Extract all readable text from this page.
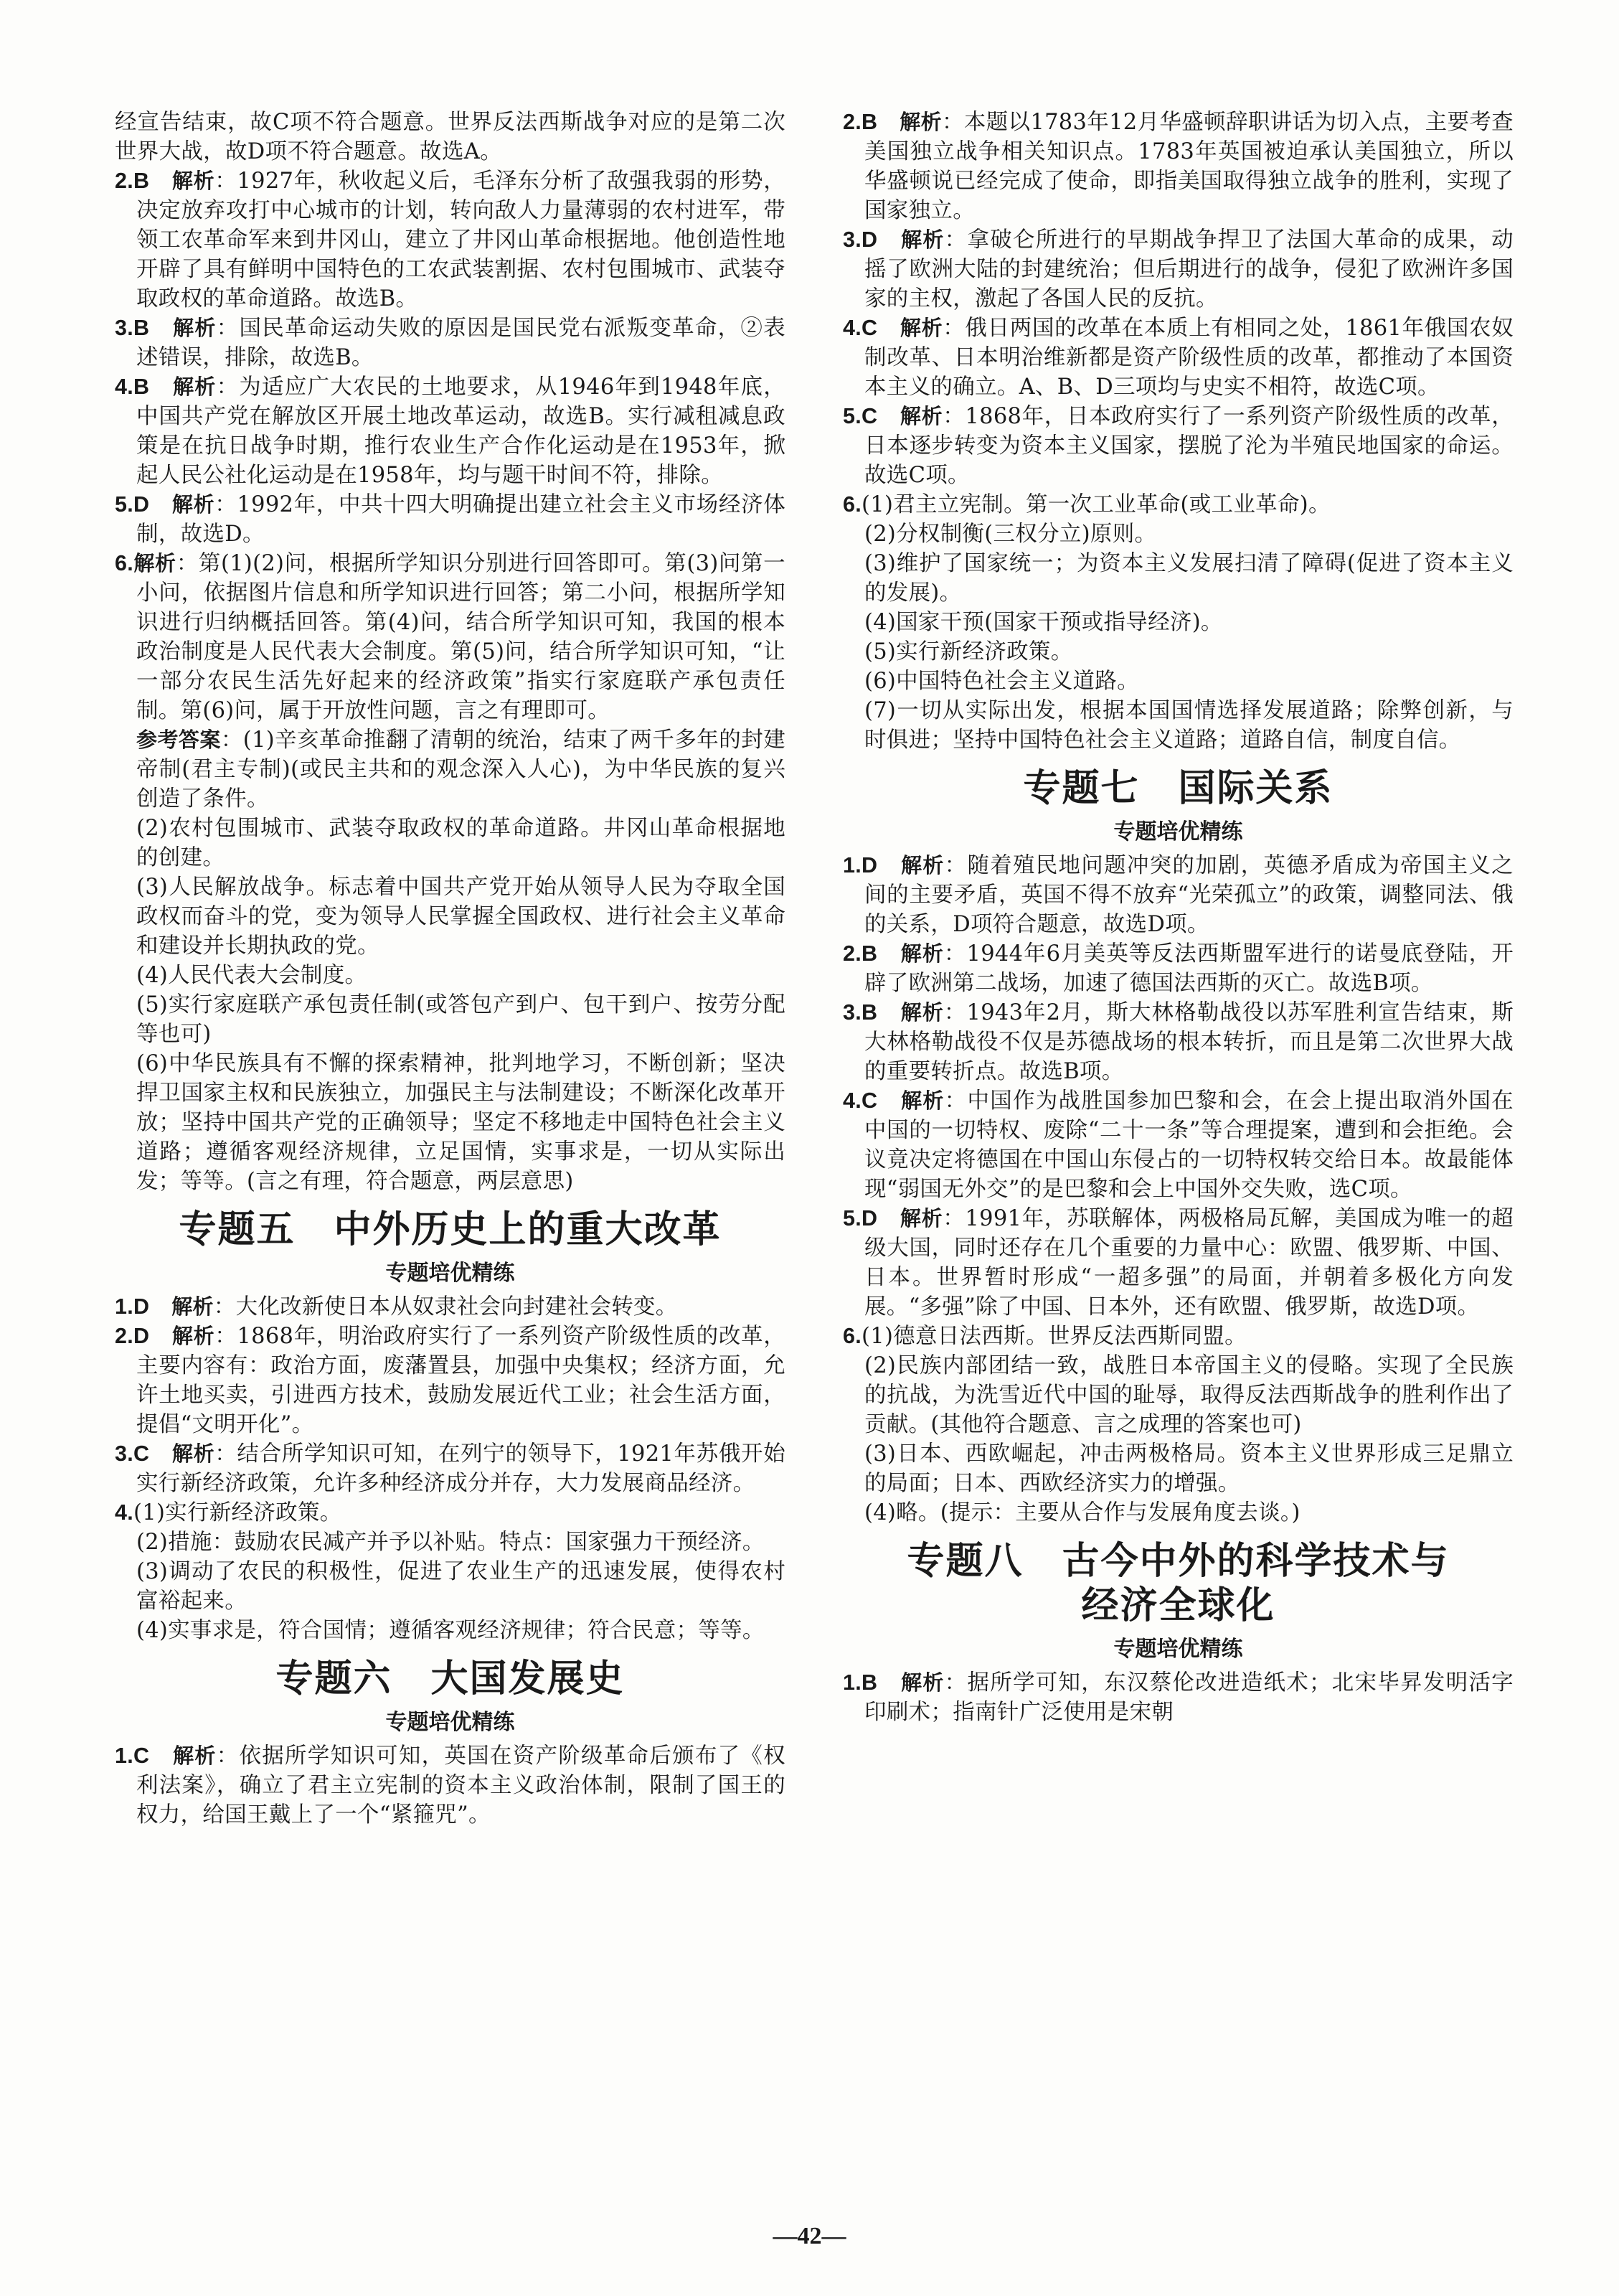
经宣告结束，故C项不符合题意。世界反法西斯战争对应的是第二次世界大战，故D项不符合题意。故选A。

2.B　 解析：1927年，秋收起义后，毛泽东分析了敌强我弱的形势，决定放弃攻打中心城市的计划，转向敌人力量薄弱的农村进军，带领工农革命军来到井冈山，建立了井冈山革命根据地。他创造性地开辟了具有鲜明中国特色的工农武装割据、农村包围城市、武装夺取政权的革命道路。故选B。

3.B　 解析：国民革命运动失败的原因是国民党右派叛变革命，②表述错误，排除，故选B。

4.B　 解析：为适应广大农民的土地要求，从1946年到1948年底，中国共产党在解放区开展土地改革运动，故选B。实行减租减息政策是在抗日战争时期，推行农业生产合作化运动是在1953年，掀起人民公社化运动是在1958年，均与题干时间不符，排除。

5.D　 解析：1992年，中共十四大明确提出建立社会主义市场经济体制，故选D。

6.解析：第(1)(2)问，根据所学知识分别进行回答即可。第(3)问第一小问，依据图片信息和所学知识进行回答；第二小问，根据所学知识进行归纳概括回答。第(4)问，结合所学知识可知，我国的根本政治制度是人民代表大会制度。第(5)问，结合所学知识可知，“让一部分农民生活先好起来的经济政策”指实行家庭联产承包责任制。第(6)问，属于开放性问题，言之有理即可。

参考答案：(1)辛亥革命推翻了清朝的统治，结束了两千多年的封建帝制(君主专制)(或民主共和的观念深入人心)，为中华民族的复兴创造了条件。

(2)农村包围城市、武装夺取政权的革命道路。井冈山革命根据地的创建。

(3)人民解放战争。标志着中国共产党开始从领导人民为夺取全国政权而奋斗的党，变为领导人民掌握全国政权、进行社会主义革命和建设并长期执政的党。

(4)人民代表大会制度。

(5)实行家庭联产承包责任制(或答包产到户、包干到户、按劳分配等也可)

(6)中华民族具有不懈的探索精神，批判地学习，不断创新；坚决捍卫国家主权和民族独立，加强民主与法制建设；不断深化改革开放；坚持中国共产党的正确领导；坚定不移地走中国特色社会主义道路；遵循客观经济规律，立足国情，实事求是，一切从实际出发；等等。(言之有理，符合题意，两层意思)

专题五　中外历史上的重大改革
专题培优精练

1.D　 解析：大化改新使日本从奴隶社会向封建社会转变。

2.D　 解析：1868年，明治政府实行了一系列资产阶级性质的改革，主要内容有：政治方面，废藩置县，加强中央集权；经济方面，允许土地买卖，引进西方技术，鼓励发展近代工业；社会生活方面，提倡“文明开化”。

3.C　 解析：结合所学知识可知，在列宁的领导下，1921年苏俄开始实行新经济政策，允许多种经济成分并存，大力发展商品经济。

4.(1)实行新经济政策。

(2)措施：鼓励农民减产并予以补贴。特点：国家强力干预经济。

(3)调动了农民的积极性，促进了农业生产的迅速发展，使得农村富裕起来。

(4)实事求是，符合国情；遵循客观经济规律；符合民意；等等。

专题六　大国发展史
专题培优精练

1.C　 解析：依据所学知识可知，英国在资产阶级革命后颁布了《权利法案》，确立了君主立宪制的资本主义政治体制，限制了国王的权力，给国王戴上了一个“紧箍咒”。

2.B　 解析：本题以1783年12月华盛顿辞职讲话为切入点，主要考查美国独立战争相关知识点。1783年英国被迫承认美国独立，所以华盛顿说已经完成了使命，即指美国取得独立战争的胜利，实现了国家独立。

3.D　 解析：拿破仑所进行的早期战争捍卫了法国大革命的成果，动摇了欧洲大陆的封建统治；但后期进行的战争，侵犯了欧洲许多国家的主权，激起了各国人民的反抗。

4.C　 解析：俄日两国的改革在本质上有相同之处，1861年俄国农奴制改革、日本明治维新都是资产阶级性质的改革，都推动了本国资本主义的确立。A、B、D三项均与史实不相符，故选C项。

5.C　 解析：1868年，日本政府实行了一系列资产阶级性质的改革，日本逐步转变为资本主义国家，摆脱了沦为半殖民地国家的命运。故选C项。

6.(1)君主立宪制。第一次工业革命(或工业革命)。

(2)分权制衡(三权分立)原则。

(3)维护了国家统一；为资本主义发展扫清了障碍(促进了资本主义的发展)。

(4)国家干预(国家干预或指导经济)。

(5)实行新经济政策。

(6)中国特色社会主义道路。

(7)一切从实际出发，根据本国国情选择发展道路；除弊创新，与时俱进；坚持中国特色社会主义道路；道路自信，制度自信。

专题七　国际关系
专题培优精练

1.D　 解析：随着殖民地问题冲突的加剧，英德矛盾成为帝国主义之间的主要矛盾，英国不得不放弃“光荣孤立”的政策，调整同法、俄的关系，D项符合题意，故选D项。

2.B　 解析：1944年6月美英等反法西斯盟军进行的诺曼底登陆，开辟了欧洲第二战场，加速了德国法西斯的灭亡。故选B项。

3.B　 解析：1943年2月，斯大林格勒战役以苏军胜利宣告结束，斯大林格勒战役不仅是苏德战场的根本转折，而且是第二次世界大战的重要转折点。故选B项。

4.C　 解析：中国作为战胜国参加巴黎和会，在会上提出取消外国在中国的一切特权、废除“二十一条”等合理提案，遭到和会拒绝。会议竟决定将德国在中国山东侵占的一切特权转交给日本。故最能体现“弱国无外交”的是巴黎和会上中国外交失败，选C项。

5.D　 解析：1991年，苏联解体，两极格局瓦解，美国成为唯一的超级大国，同时还存在几个重要的力量中心：欧盟、俄罗斯、中国、日本。世界暂时形成“一超多强”的局面，并朝着多极化方向发展。“多强”除了中国、日本外，还有欧盟、俄罗斯，故选D项。

6.(1)德意日法西斯。世界反法西斯同盟。

(2)民族内部团结一致，战胜日本帝国主义的侵略。实现了全民族的抗战，为洗雪近代中国的耻辱，取得反法西斯战争的胜利作出了贡献。(其他符合题意、言之成理的答案也可)

(3)日本、西欧崛起，冲击两极格局。资本主义世界形成三足鼎立的局面；日本、西欧经济实力的增强。

(4)略。(提示：主要从合作与发展角度去谈。)

专题八　古今中外的科学技术与
经济全球化
专题培优精练

1.B　 解析：据所学可知，东汉蔡伦改进造纸术；北宋毕昇发明活字印刷术；指南针广泛使用是宋朝

—42—
